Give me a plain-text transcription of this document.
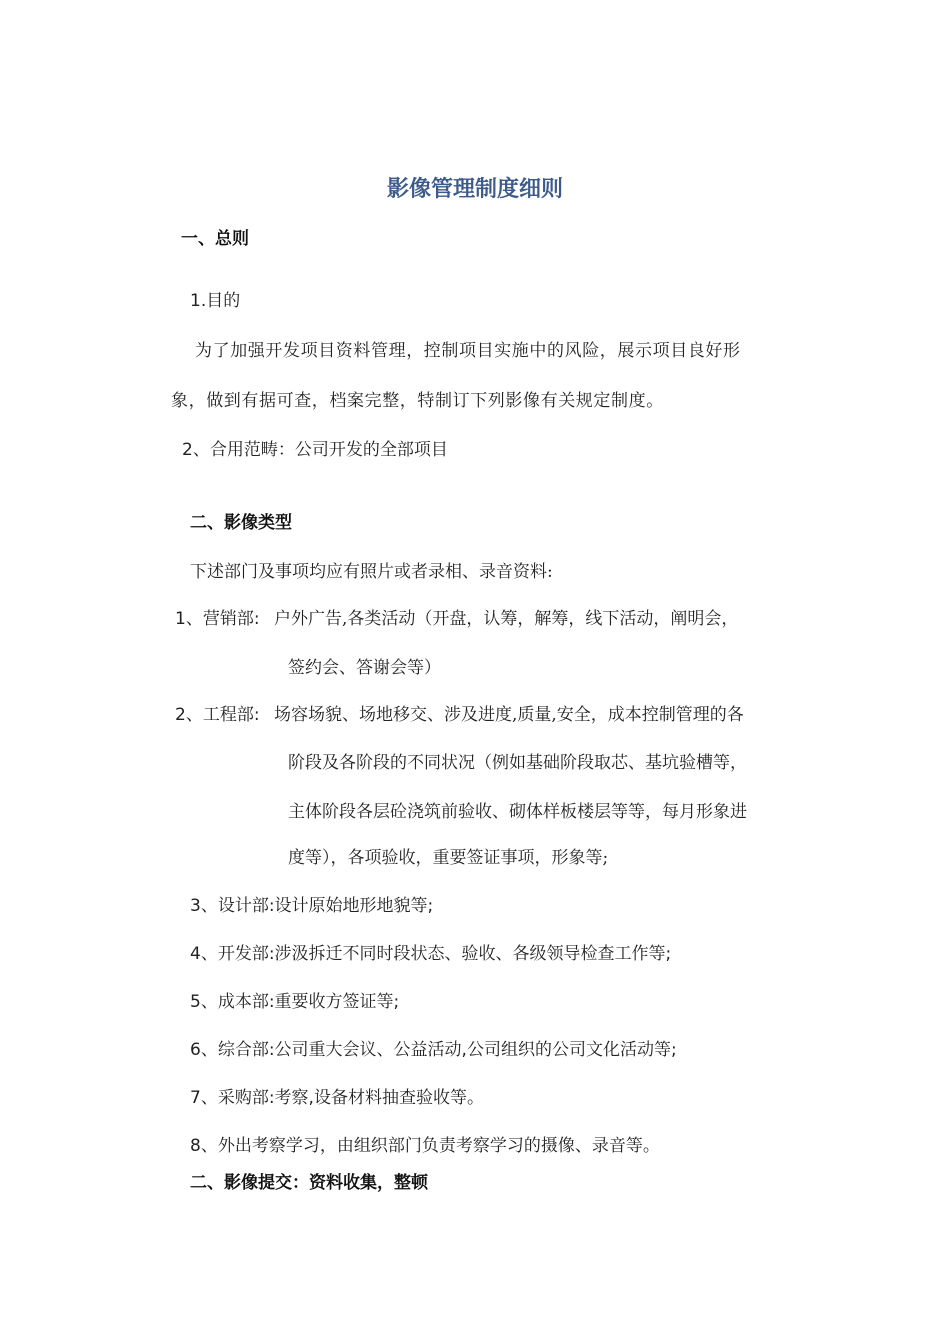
影像管理制度细则
一、总则
1.目的
为了加强开发项目资料管理，控制项目实施中的风险，展示项目良好形
象，做到有据可查，档案完整，特制订下列影像有关规定制度。
2、合用范畴：公司开发的全部项目
二、影像类型
下述部门及事项均应有照片或者录相、录音资料:
1、营销部: 户外广告,各类活动（开盘，认筹，解筹，线下活动，阐明会，
签约会、答谢会等）
2、工程部: 场容场貌、场地移交、涉及进度,质量,安全，成本控制管理的各
阶段及各阶段的不同状况（例如基础阶段取芯、基坑验槽等，
主体阶段各层砼浇筑前验收、砌体样板楼层等等，每月形象进
度等），各项验收，重要签证事项，形象等;
3、设计部:设计原始地形地貌等;
4、开发部:涉汲拆迁不同时段状态、验收、各级领导检查工作等;
5、成本部:重要收方签证等;
6、综合部:公司重大会议、公益活动,公司组织的公司文化活动等;
7、采购部:考察,设备材料抽查验收等。
8、外出考察学习，由组织部门负责考察学习的摄像、录音等。
二、影像提交：资料收集，整顿
